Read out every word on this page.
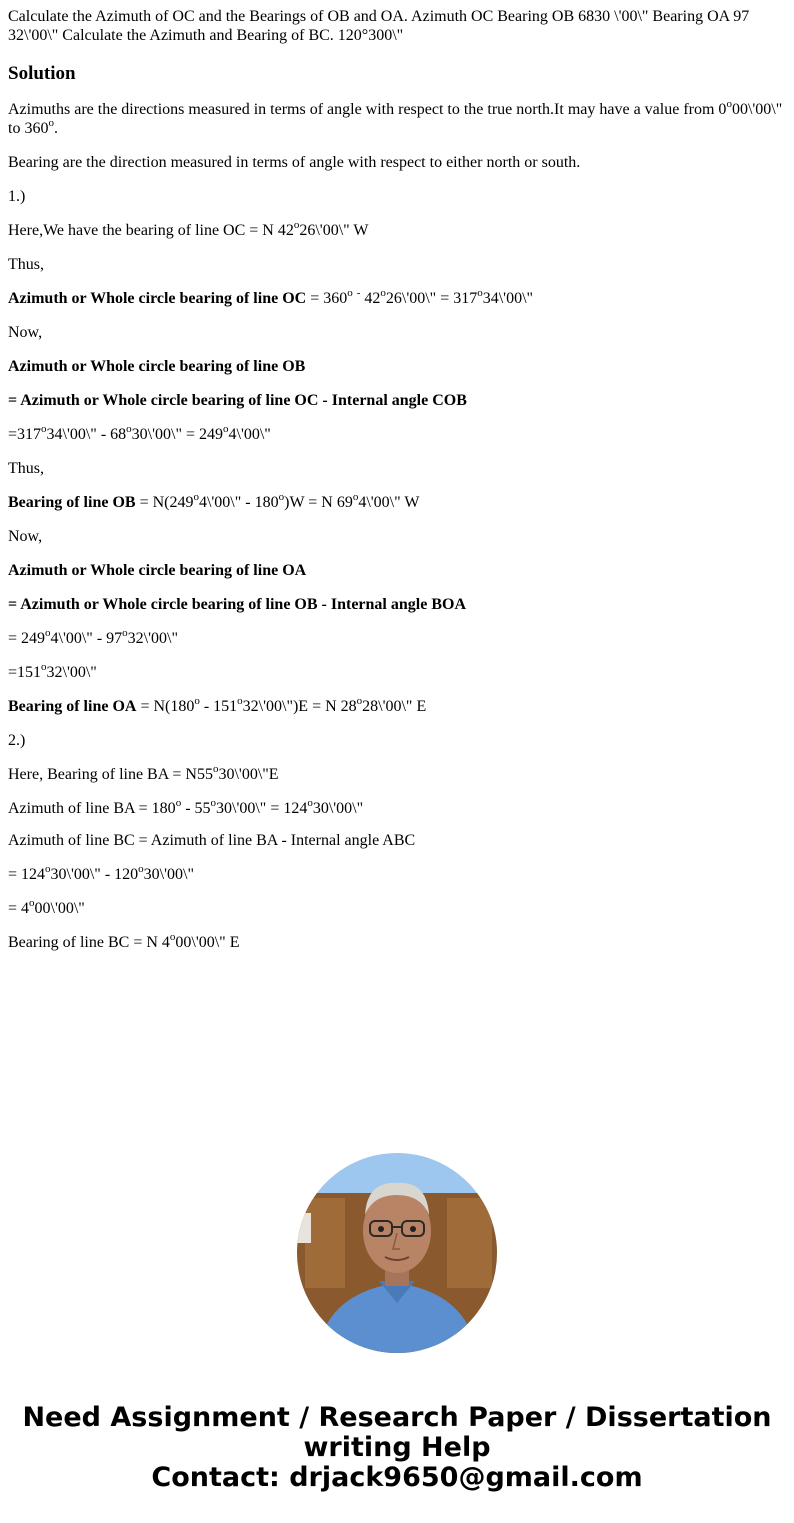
Calculate the Azimuth of OC and the Bearings of OB and OA. Azimuth OC Bearing OB 6830 \'00\" Bearing OA 97 32\'00\" Calculate the Azimuth and Bearing of BC. 120°300\"

Solution

Azimuths are the directions measured in terms of angle with respect to the true north.It may have a value from 0$^o$00\'00\" to 360$^o$.

Bearing are the direction measured in terms of angle with respect to either north or south.

1.)

Here,We have the bearing of line OC = N 42$^o$26\'00\" W

Thus,

Azimuth or Whole circle bearing of line OC = $360^o$ - $42^o26\backslash'00\backslash$" = $317^o34\backslash'00\backslash$"

Now,

Azimuth or Whole circle bearing of line OB

= Azimuth or Whole circle bearing of line OC - Internal angle COB

$=317^o34\backslash'00\backslash$" - $68^o30\backslash'00\backslash$" = $249^o4\backslash'00\backslash$"

Thus,

Bearing of line OB = $N(249^o4\backslash'00\backslash$" - $180^o)W = N$ 69$^o$4\'00\" W

Now,

Azimuth or Whole circle bearing of line OA

= Azimuth or Whole circle bearing of line OB - Internal angle BOA

= $249^o4\backslash'00\backslash$" - 97$^o$32\'00\"

$=151^o32\backslash'00\backslash$"

Bearing of line OA = $N(180^o$ - $151^o32\backslash'00\backslash")E = N$ 28$^o$28\'00\" E

2.)

Here, Bearing of line BA = $N55^o30\backslash'00\backslash"E$

Azimuth of line BA = $180^o$ - $55^o30\backslash'00\backslash$" = $124^o30\backslash'00\backslash$"

Azimuth of line BC = Azimuth of line BA - Internal angle ABC

= $124^o30\backslash'00\backslash$" - 120$^o$30\'00\"

= $4^o00\backslash'00\backslash$"

Bearing of line BC = N 4$^o$00\'00\" E

Need Assignment / Research Paper / Dissertation
writing Help
Contact: drjack9650@gmail.com
